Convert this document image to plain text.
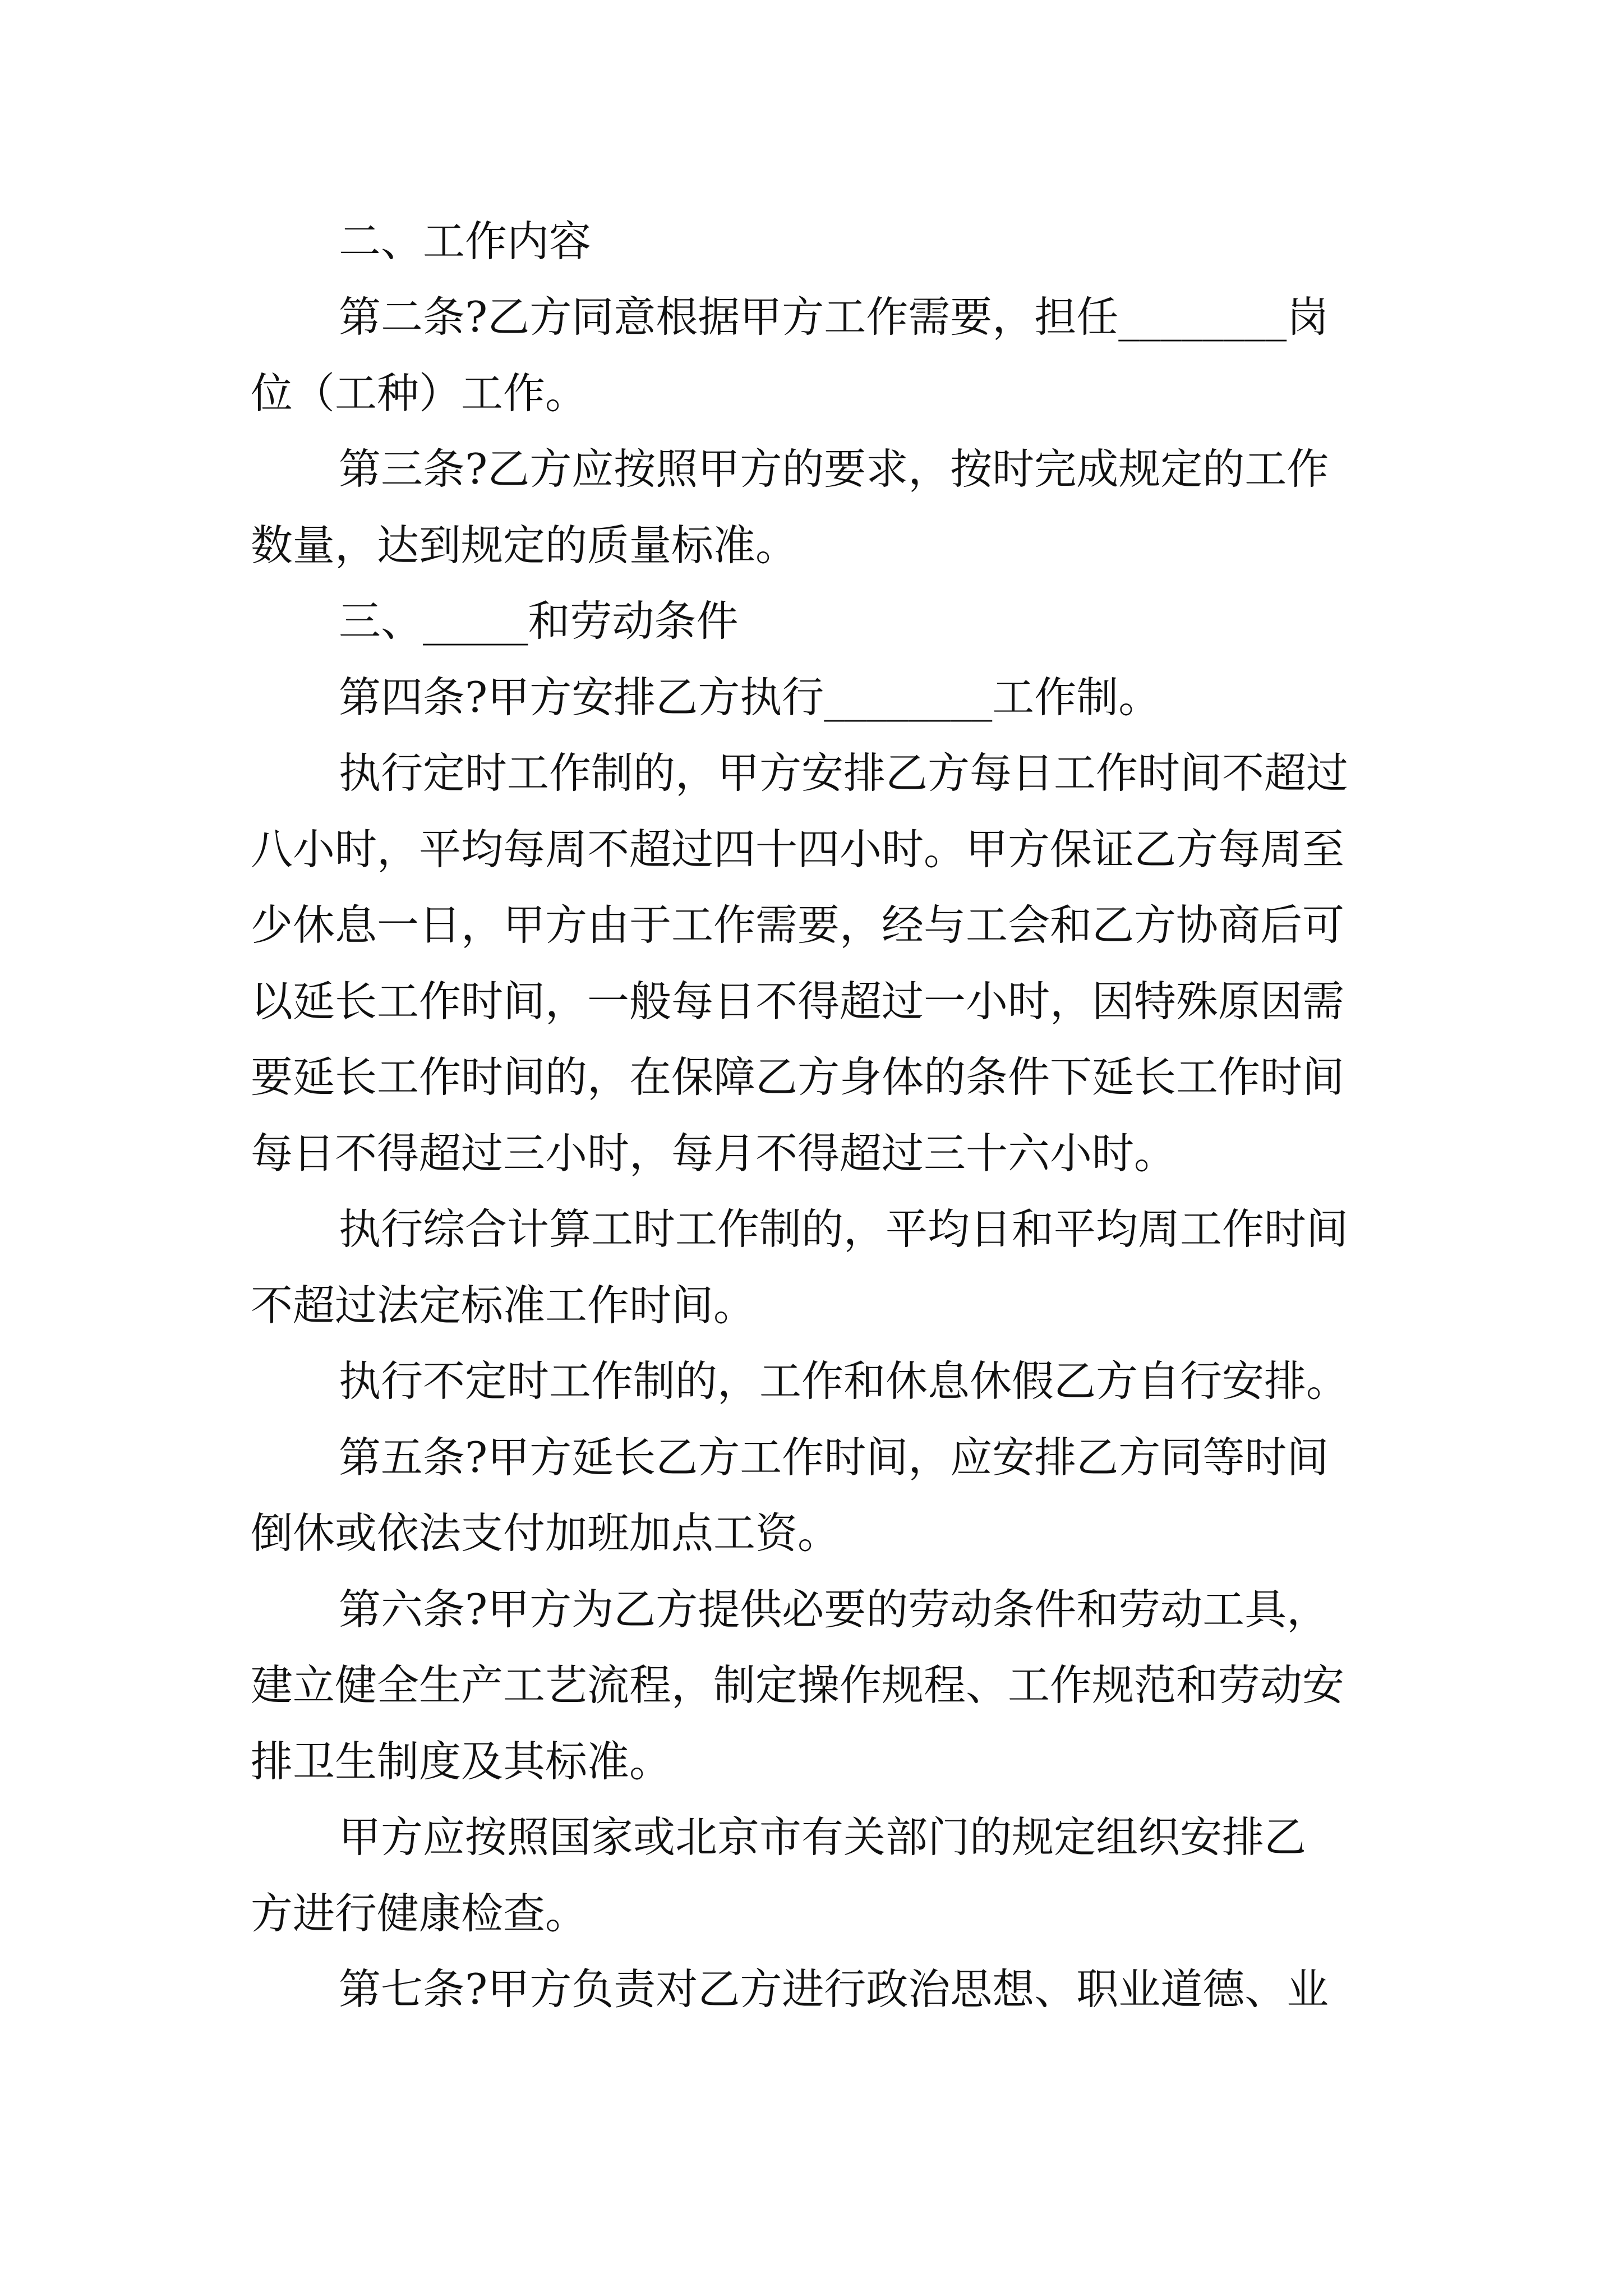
二、工作内容

第二条?乙方同意根据甲方工作需要，担任________岗

位（工种）工作。

第三条?乙方应按照甲方的要求，按时完成规定的工作

数量，达到规定的质量标准。

三、_____和劳动条件

第四条?甲方安排乙方执行________工作制。

执行定时工作制的，甲方安排乙方每日工作时间不超过

八小时，平均每周不超过四十四小时。甲方保证乙方每周至

少休息一日，甲方由于工作需要，经与工会和乙方协商后可

以延长工作时间，一般每日不得超过一小时，因特殊原因需

要延长工作时间的，在保障乙方身体的条件下延长工作时间

每日不得超过三小时，每月不得超过三十六小时。

执行综合计算工时工作制的，平均日和平均周工作时间

不超过法定标准工作时间。

执行不定时工作制的，工作和休息休假乙方自行安排。

第五条?甲方延长乙方工作时间，应安排乙方同等时间

倒休或依法支付加班加点工资。

第六条?甲方为乙方提供必要的劳动条件和劳动工具，

建立健全生产工艺流程，制定操作规程、工作规范和劳动安

排卫生制度及其标准。

甲方应按照国家或北京市有关部门的规定组织安排乙

方进行健康检查。

第七条?甲方负责对乙方进行政治思想、职业道德、业
